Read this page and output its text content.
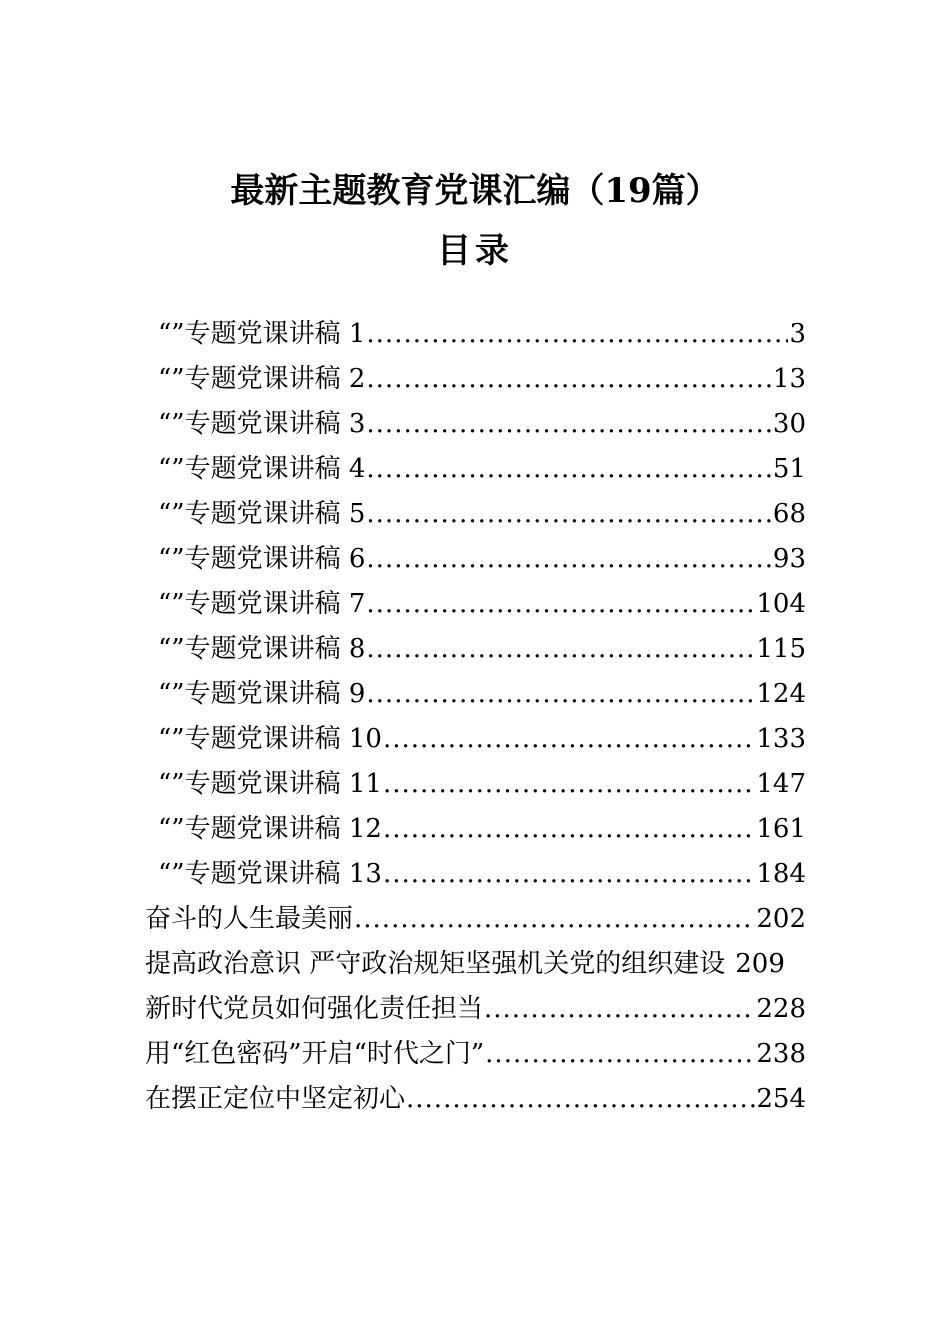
最新主题教育党课汇编（19篇）
目录
“”专题党课讲稿 1 .....	3
“”专题党课讲稿 2 .....	13
“”专题党课讲稿 3 .....	30
“”专题党课讲稿 4 .....	51
“”专题党课讲稿 5 .....	68
“”专题党课讲稿 6 .....	93
“”专题党课讲稿 7 .....	104
“”专题党课讲稿 8 .....	115
“”专题党课讲稿 9 .....	124
“”专题党课讲稿 10 .....	133
“”专题党课讲稿 11 .....	147
“”专题党课讲稿 12 .....	161
“”专题党课讲稿 13 .....	184
奋斗的人生最美丽 .....	202
提高政治意识 严守政治规矩坚强机关党的组织建设 209
新时代党员如何强化责任担当 .....	228
用“红色密码”开启“时代之门” .....	238
在摆正定位中坚定初心 .....	254
